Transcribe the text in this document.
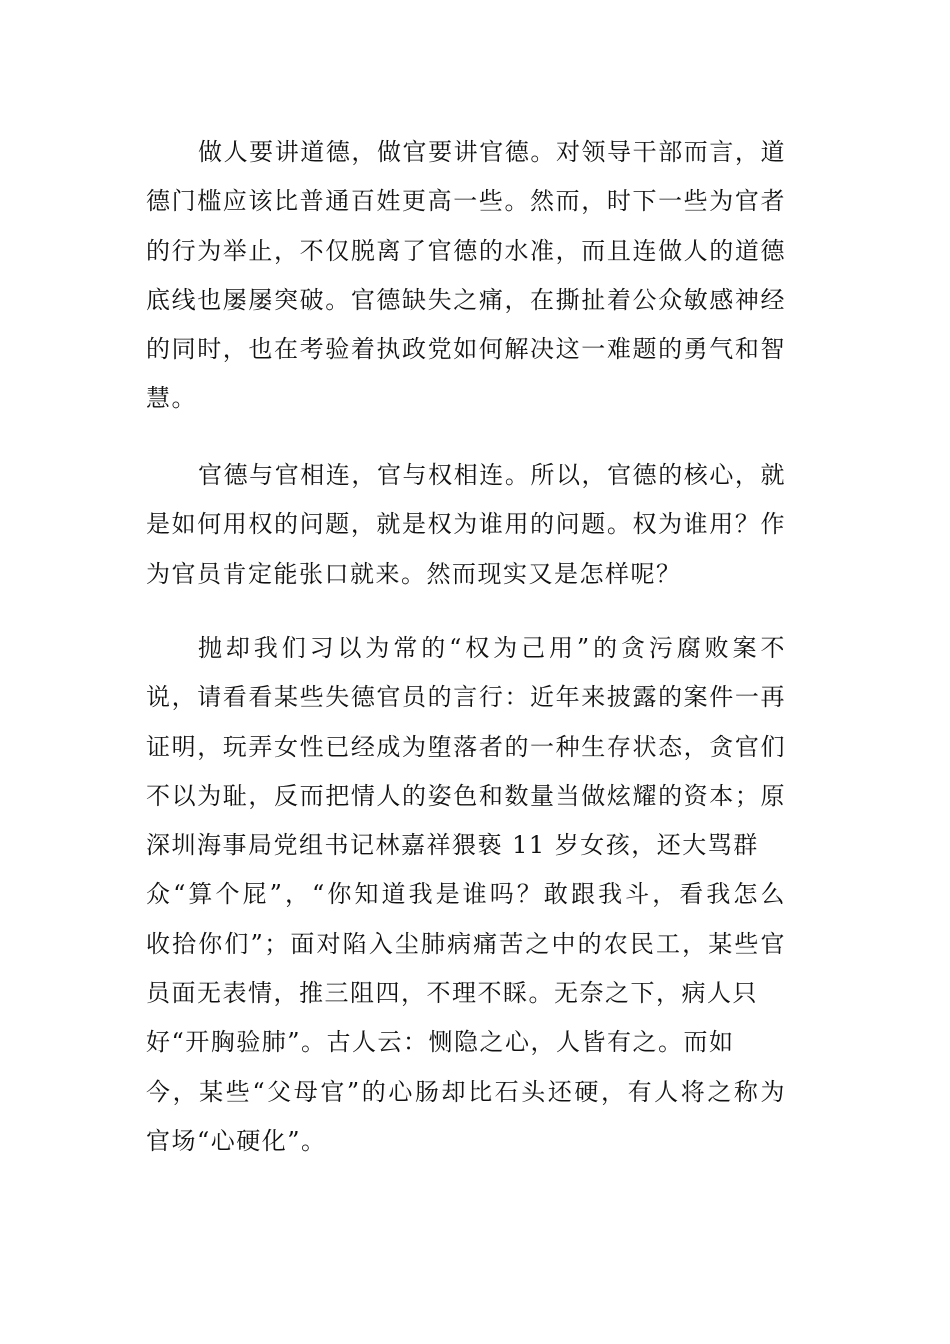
做人要讲道德，做官要讲官德。对领导干部而言，道
德门槛应该比普通百姓更高一些。然而，时下一些为官者
的行为举止，不仅脱离了官德的水准，而且连做人的道德
底线也屡屡突破。官德缺失之痛，在撕扯着公众敏感神经
的同时，也在考验着执政党如何解决这一难题的勇气和智
慧。
官德与官相连，官与权相连。所以，官德的核心，就
是如何用权的问题，就是权为谁用的问题。权为谁用？作
为官员肯定能张口就来。然而现实又是怎样呢？
抛却我们习以为常的“权为己用”的贪污腐败案不
说，请看看某些失德官员的言行：近年来披露的案件一再
证明，玩弄女性已经成为堕落者的一种生存状态，贪官们
不以为耻，反而把情人的姿色和数量当做炫耀的资本；原
深圳海事局党组书记林嘉祥猥亵 11 岁女孩，还大骂群
众“算个屁”，“你知道我是谁吗？敢跟我斗，看我怎么
收拾你们”；面对陷入尘肺病痛苦之中的农民工，某些官
员面无表情，推三阻四，不理不睬。无奈之下，病人只
好“开胸验肺”。古人云：恻隐之心，人皆有之。而如
今，某些“父母官”的心肠却比石头还硬，有人将之称为
官场“心硬化”。
